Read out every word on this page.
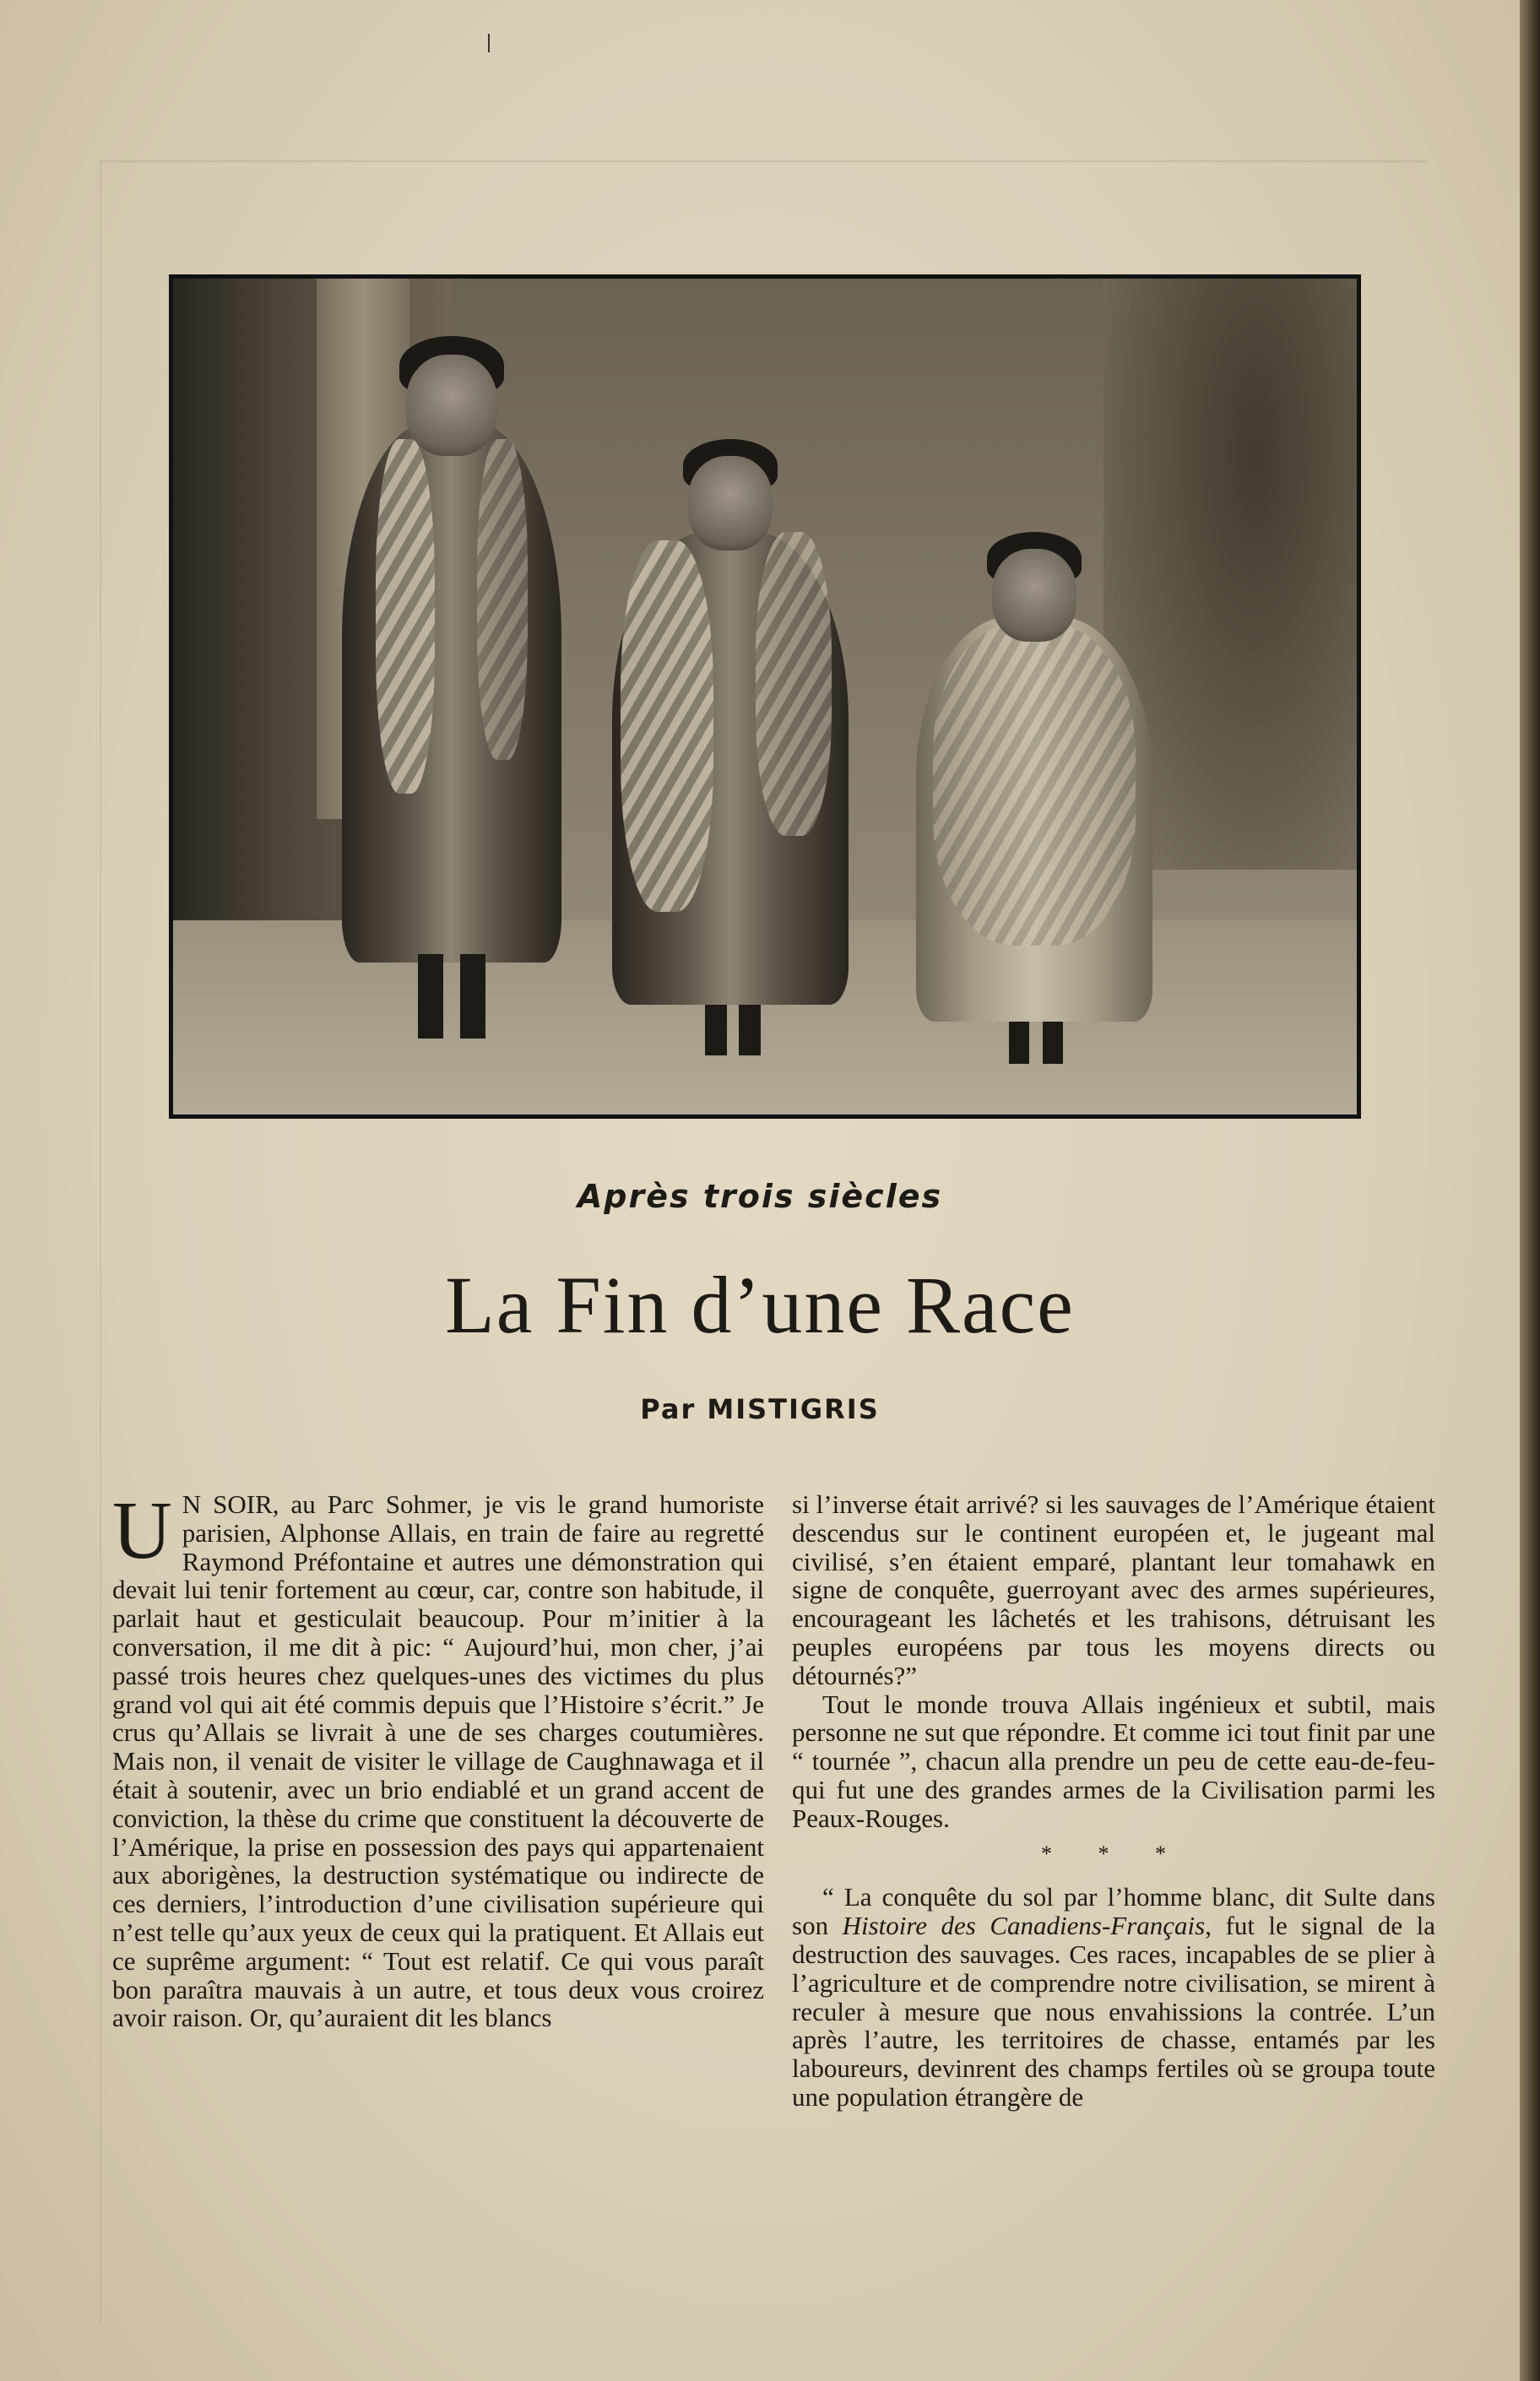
Après trois siècles
La Fin d’une Race
Par MISTIGRIS

U N SOIR, au Parc Sohmer, je vis le grand humoriste parisien, Alphonse Allais, en train de faire au regretté Raymond Préfontaine et autres une démonstration qui devait lui tenir fortement au cœur, car, contre son habitude, il parlait haut et gesticulait beaucoup. Pour m’initier à la conversation, il me dit à pic: “ Aujourd’hui, mon cher, j’ai passé trois heures chez quelques-unes des victimes du plus grand vol qui ait été commis depuis que l’Histoire s’écrit.” Je crus qu’Allais se livrait à une de ses charges coutumières. Mais non, il venait de visiter le village de Caughnawaga et il était à soutenir, avec un brio endiablé et un grand accent de conviction, la thèse du crime que constituent la découverte de l’Amérique, la prise en possession des pays qui appartenaient aux aborigènes, la destruction systématique ou indirecte de ces derniers, l’introduction d’une civilisation supérieure qui n’est telle qu’aux yeux de ceux qui la pratiquent. Et Allais eut ce suprême argument: “ Tout est relatif. Ce qui vous paraît bon paraîtra mauvais à un autre, et tous deux vous croirez avoir raison. Or, qu’auraient dit les blancs

si l’inverse était arrivé? si les sauvages de l’Amérique étaient descendus sur le continent européen et, le jugeant mal civilisé, s’en étaient emparé, plantant leur tomahawk en signe de conquête, guerroyant avec des armes supérieures, encourageant les lâchetés et les trahisons, détruisant les peuples européens par tous les moyens directs ou détournés?”

Tout le monde trouva Allais ingénieux et subtil, mais personne ne sut que répondre. Et comme ici tout finit par une “ tournée ”, chacun alla prendre un peu de cette eau-de-feu-qui fut une des grandes armes de la Civilisation parmi les Peaux-Rouges.

* * *

“ La conquête du sol par l’homme blanc, dit Sulte dans son Histoire des Canadiens-Français, fut le signal de la destruction des sauvages. Ces races, incapables de se plier à l’agriculture et de comprendre notre civilisation, se mirent à reculer à mesure que nous envahissions la contrée. L’un après l’autre, les territoires de chasse, entamés par les laboureurs, devinrent des champs fertiles où se groupa toute une population étrangère de
